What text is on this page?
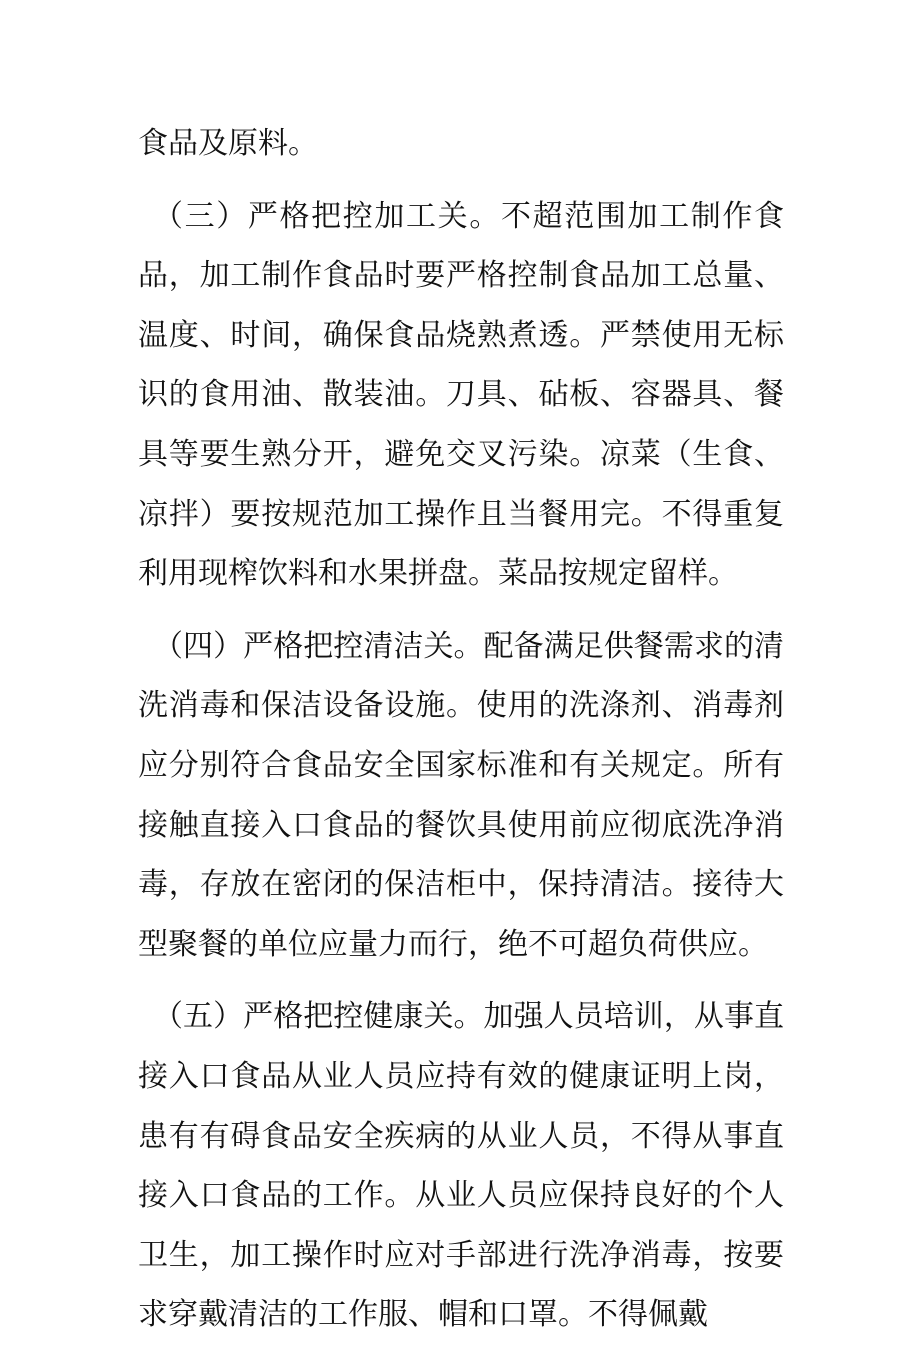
食品及原料。

（三）严格把控加工关。不超范围加工制作食品，加工制作食品时要严格控制食品加工总量、温度、时间，确保食品烧熟煮透。严禁使用无标识的食用油、散装油。刀具、砧板、容器具、餐具等要生熟分开，避免交叉污染。凉菜（生食、凉拌）要按规范加工操作且当餐用完。不得重复利用现榨饮料和水果拼盘。菜品按规定留样。

（四）严格把控清洁关。配备满足供餐需求的清洗消毒和保洁设备设施。使用的洗涤剂、消毒剂应分别符合食品安全国家标准和有关规定。所有接触直接入口食品的餐饮具使用前应彻底洗净消毒，存放在密闭的保洁柜中，保持清洁。接待大型聚餐的单位应量力而行，绝不可超负荷供应。

（五）严格把控健康关。加强人员培训，从事直接入口食品从业人员应持有效的健康证明上岗，患有有碍食品安全疾病的从业人员，不得从事直接入口食品的工作。从业人员应保持良好的个人卫生，加工操作时应对手部进行洗净消毒，按要求穿戴清洁的工作服、帽和口罩。不得佩戴
